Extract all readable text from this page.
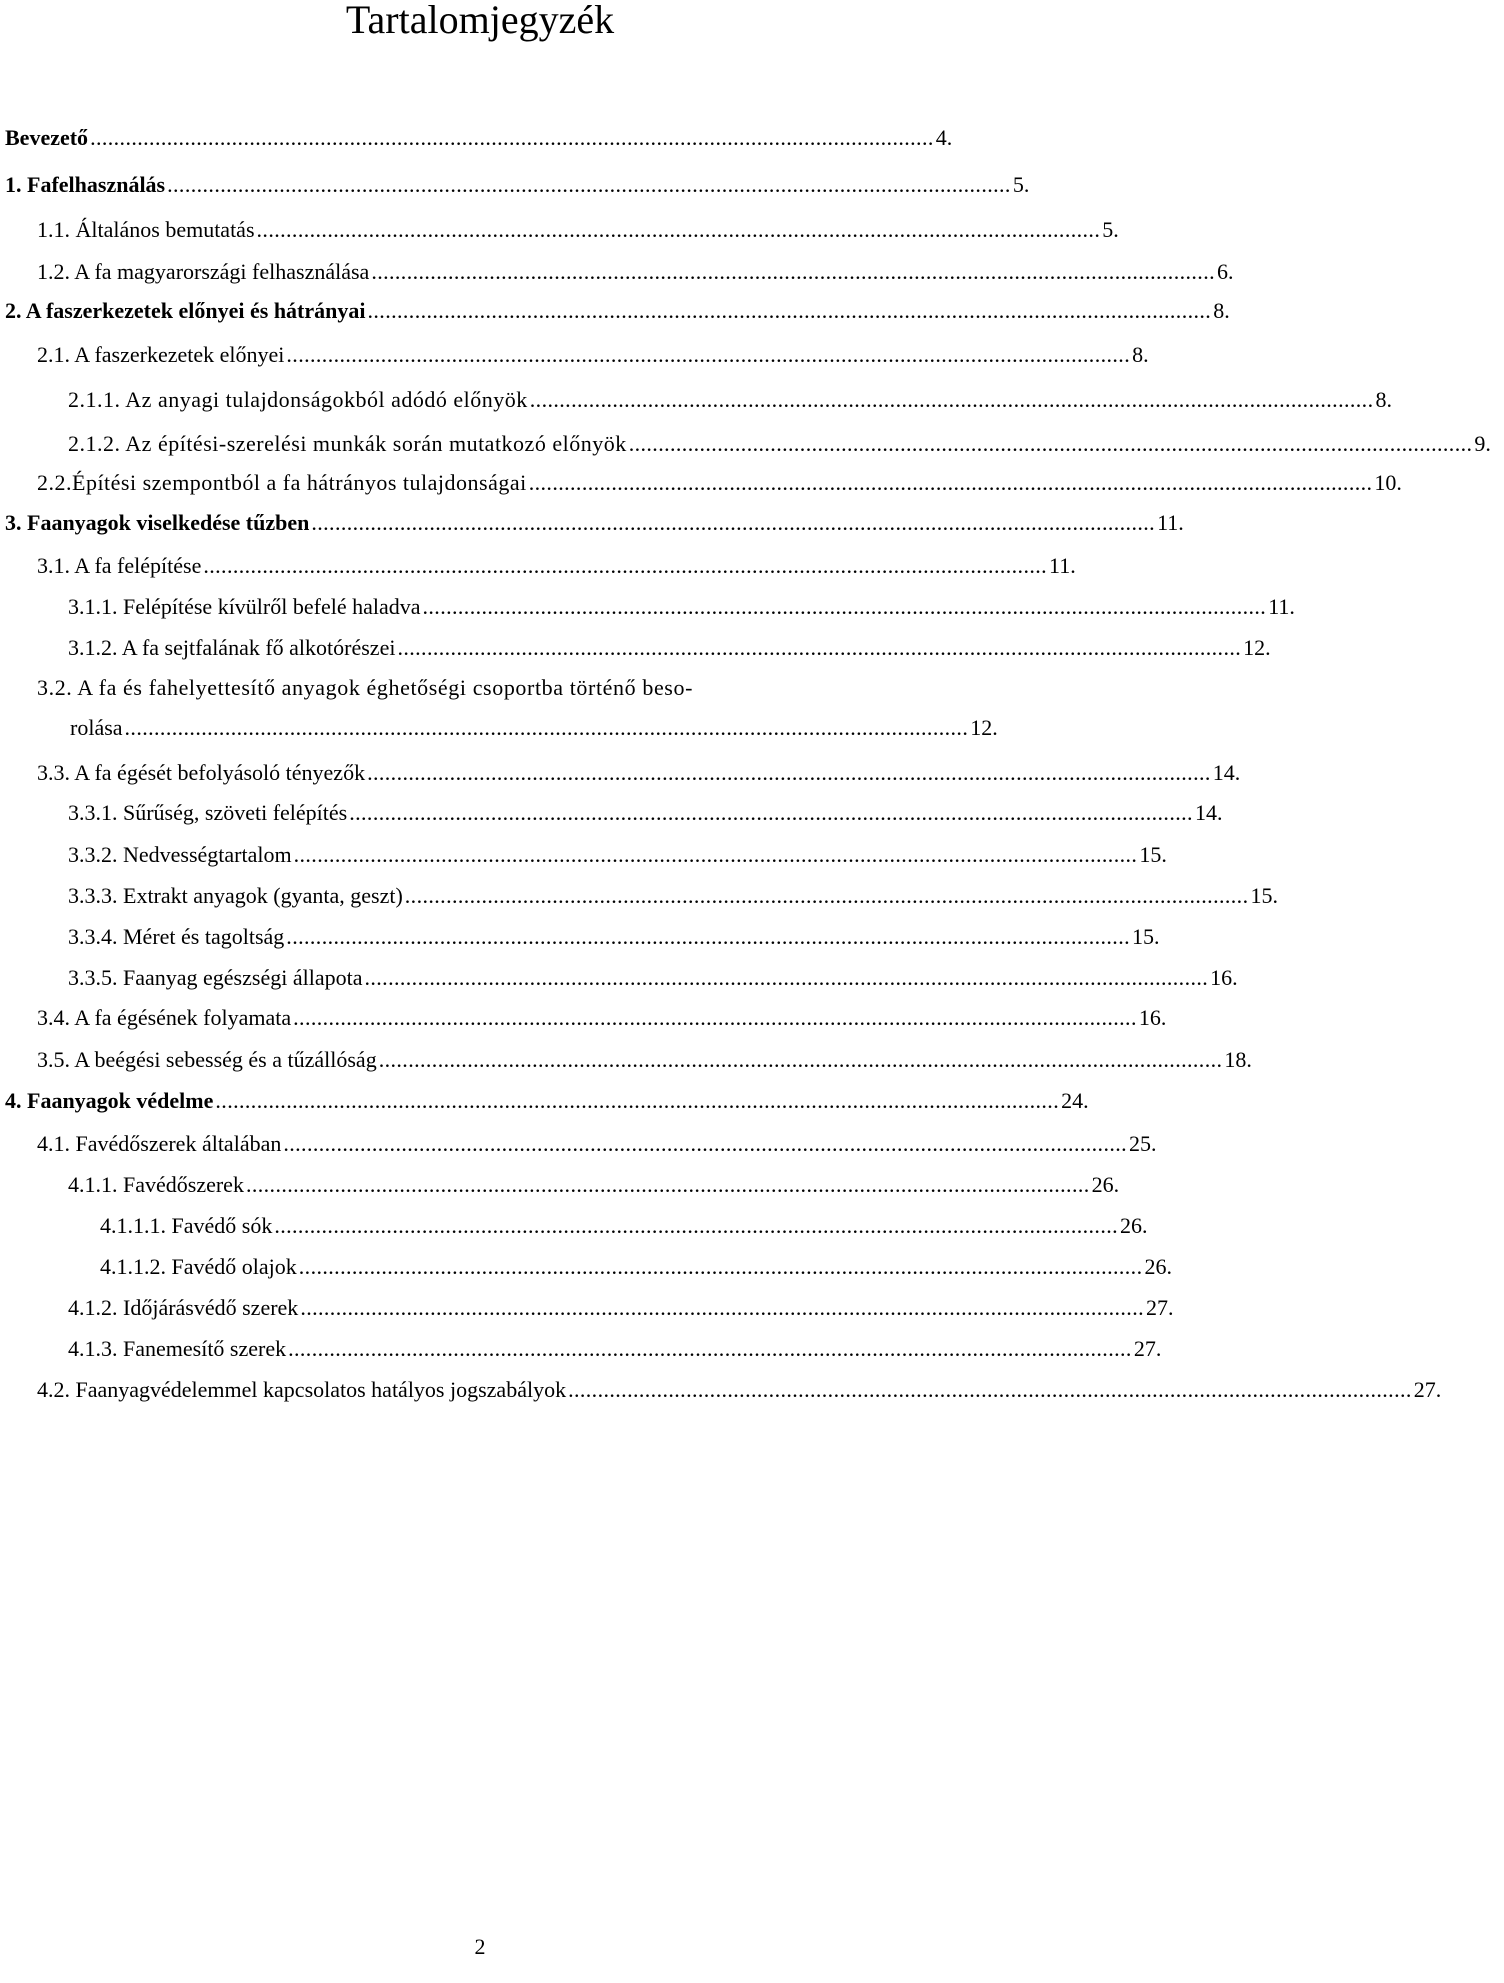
Tartalomjegyzék
Bevezető ............................................................................................................................................... 4.
1. Fafelhasználás ............................................................................................................................................... 5.
1.1. Általános bemutatás ............................................................................................................................................... 5.
1.2. A fa magyarországi felhasználása ............................................................................................................................................... 6.
2. A faszerkezetek előnyei és hátrányai ............................................................................................................................................... 8.
2.1. A faszerkezetek előnyei ............................................................................................................................................... 8.
2.1.1. Az anyagi tulajdonságokból adódó előnyök ............................................................................................................................................... 8.
2.1.2. Az építési-szerelési munkák során mutatkozó előnyök ............................................................................................................................................... 9.
2.2.Építési szempontból a fa hátrányos tulajdonságai ............................................................................................................................................... 10.
3. Faanyagok viselkedése tűzben ............................................................................................................................................... 11.
3.1. A fa felépítése ............................................................................................................................................... 11.
3.1.1. Felépítése kívülről befelé haladva ............................................................................................................................................... 11.
3.1.2. A fa sejtfalának fő alkotórészei ............................................................................................................................................... 12.
3.2. A fa és fahelyettesítő anyagok éghetőségi csoportba történő beso-
rolása ............................................................................................................................................... 12.
3.3. A fa égését befolyásoló tényezők ............................................................................................................................................... 14.
3.3.1. Sűrűség, szöveti felépítés ............................................................................................................................................... 14.
3.3.2. Nedvességtartalom ............................................................................................................................................... 15.
3.3.3. Extrakt anyagok (gyanta, geszt) ............................................................................................................................................... 15.
3.3.4. Méret és tagoltság ............................................................................................................................................... 15.
3.3.5. Faanyag egészségi állapota ............................................................................................................................................... 16.
3.4. A fa égésének folyamata ............................................................................................................................................... 16.
3.5. A beégési sebesség és a tűzállóság ............................................................................................................................................... 18.
4. Faanyagok védelme ............................................................................................................................................... 24.
4.1. Favédőszerek általában ............................................................................................................................................... 25.
4.1.1. Favédőszerek ............................................................................................................................................... 26.
4.1.1.1. Favédő sók ............................................................................................................................................... 26.
4.1.1.2. Favédő olajok ............................................................................................................................................... 26.
4.1.2. Időjárásvédő szerek ............................................................................................................................................... 27.
4.1.3. Fanemesítő szerek ............................................................................................................................................... 27.
4.2. Faanyagvédelemmel kapcsolatos hatályos jogszabályok ............................................................................................................................................... 27.
2
